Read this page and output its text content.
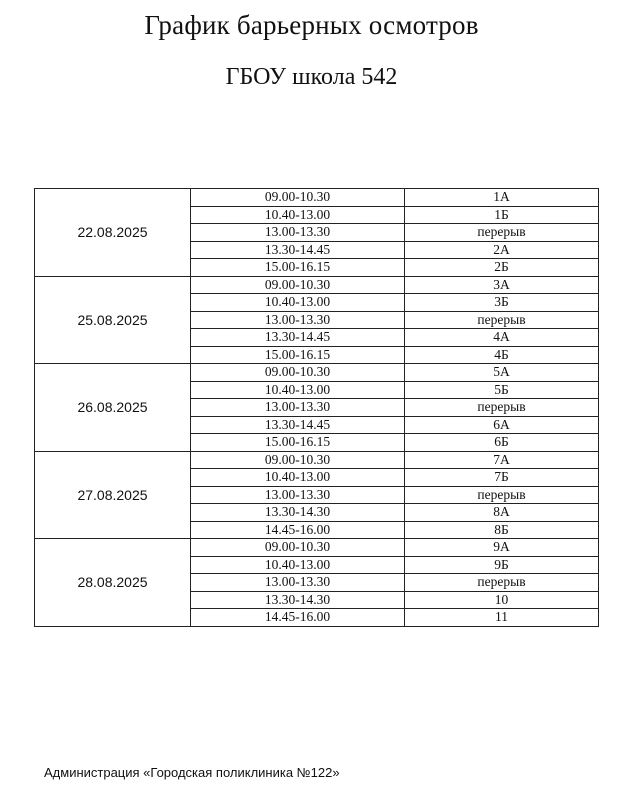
График барьерных осмотров
ГБОУ школа 542
22.08.2025	09.00-10.30	1А
	10.40-13.00	1Б
	13.00-13.30	перерыв
	13.30-14.45	2А
	15.00-16.15	2Б
25.08.2025	09.00-10.30	3А
	10.40-13.00	3Б
	13.00-13.30	перерыв
	13.30-14.45	4А
	15.00-16.15	4Б
26.08.2025	09.00-10.30	5А
	10.40-13.00	5Б
	13.00-13.30	перерыв
	13.30-14.45	6А
	15.00-16.15	6Б
27.08.2025	09.00-10.30	7А
	10.40-13.00	7Б
	13.00-13.30	перерыв
	13.30-14.30	8А
	14.45-16.00	8Б
28.08.2025	09.00-10.30	9А
	10.40-13.00	9Б
	13.00-13.30	перерыв
	13.30-14.30	10
	14.45-16.00	11
Администрация «Городская поликлиника №122»
